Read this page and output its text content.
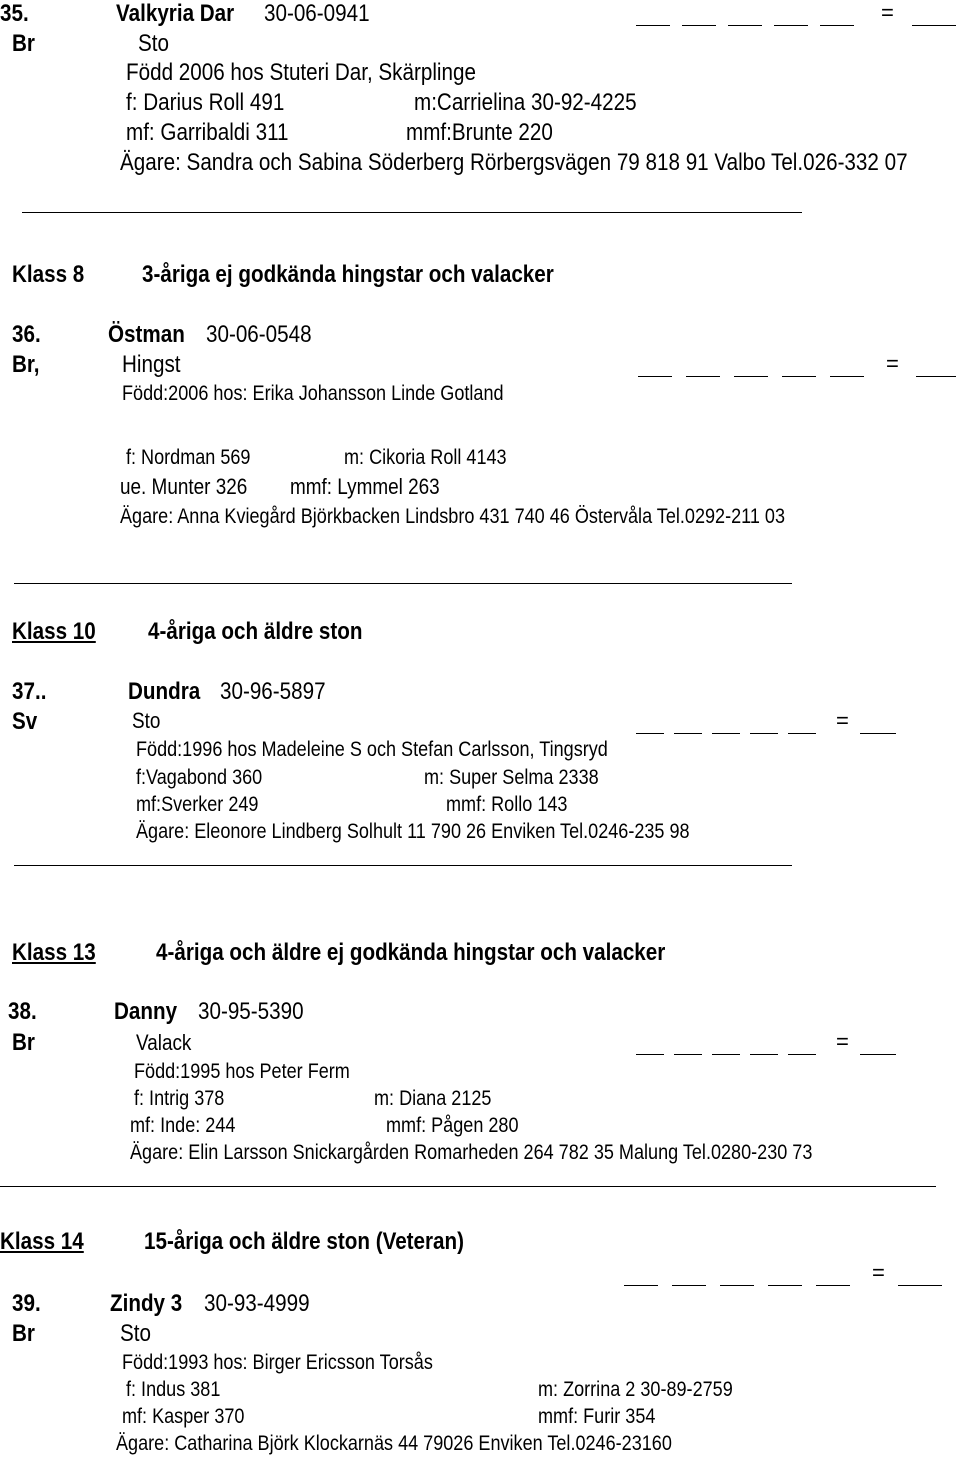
35.	Valkyria Dar 30-06-0941	=
Br	Sto
Född 2006 hos Stuteri Dar, Skärplinge
f: Darius Roll 491	m:Carrielina 30-92-4225
mf: Garribaldi 311	mmf:Brunte 220
Ägare: Sandra och Sabina Söderberg Rörbergsvägen 79 818 91 Valbo Tel.026-332 07
Klass 8 3-åriga ej godkända hingstar och valacker
36.	Östman 30-06-0548
Br,	Hingst	=
Född:2006 hos: Erika Johansson Linde Gotland
f: Nordman 569	m: Cikoria Roll 4143
ue. Munter 326 mmf: Lymmel 263
Ägare: Anna Kviegård Björkbacken Lindsbro 431 740 46 Östervåla Tel.0292-211 03
Klass 10 4-åriga och äldre ston
37..	Dundra 30-96-5897
Sv	Sto	=
Född:1996 hos Madeleine S och Stefan Carlsson, Tingsryd
f:Vagabond 360	m: Super Selma 2338
mf:Sverker 249	mmf: Rollo 143
Ägare: Eleonore Lindberg Solhult 11 790 26 Enviken Tel.0246-235 98
Klass 13	4-åriga och äldre ej godkända hingstar och valacker
38.	Danny 30-95-5390
Br	Valack	=
Född:1995 hos Peter Ferm
f: Intrig 378	m: Diana 2125
mf: Inde: 244	mmf: Pågen 280
Ägare: Elin Larsson Snickargården Romarheden 264 782 35 Malung Tel.0280-230 73
Klass 14	15-åriga och äldre ston (Veteran)
=
39.	Zindy 3 30-93-4999
Br	Sto
Född:1993 hos: Birger Ericsson Torsås
f: Indus 381	m: Zorrina 2 30-89-2759
mf: Kasper 370	mmf: Furir 354
Ägare: Catharina Björk Klockarnäs 44 79026 Enviken Tel.0246-23160
